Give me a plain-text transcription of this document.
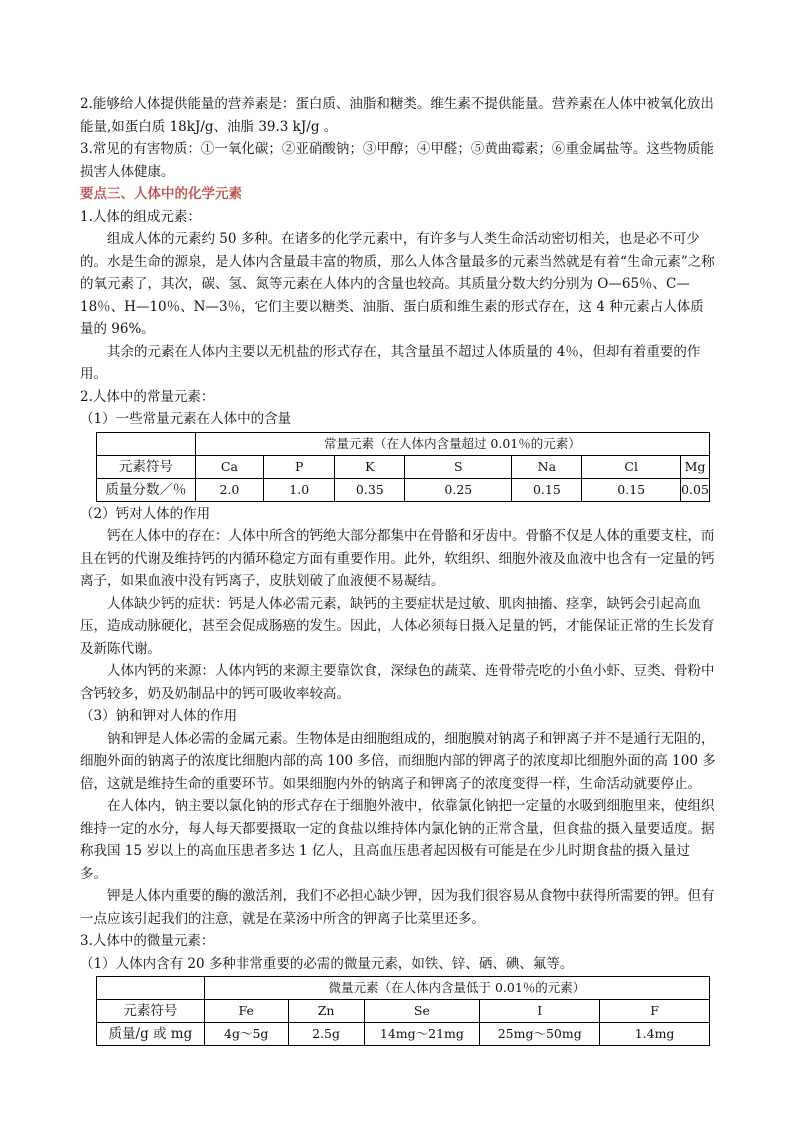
2.能够给人体提供能量的营养素是：蛋白质、油脂和糖类。维生素不提供能量。营养素在人体中被氧化放出能量,如蛋白质 18kJ/g、油脂 39.3 kJ/g 。

3.常见的有害物质：①一氧化碳；②亚硝酸钠；③甲醇；④甲醛；⑤黄曲霉素；⑥重金属盐等。这些物质能损害人体健康。

要点三、人体中的化学元素

1.人体的组成元素：

组成人体的元素约 50 多种。在诸多的化学元素中，有许多与人类生命活动密切相关，也是必不可少的。水是生命的源泉，是人体内含量最丰富的物质，那么人体含量最多的元素当然就是有着“生命元素”之称的氧元素了，其次，碳、氢、氮等元素在人体内的含量也较高。其质量分数大约分别为 O—65％、C—18％、H—10％、N—3％，它们主要以糖类、油脂、蛋白质和维生素的形式存在，这 4 种元素占人体质量的 96%。

其余的元素在人体内主要以无机盐的形式存在，其含量虽不超过人体质量的 4％，但却有着重要的作用。

2.人体中的常量元素：

（1）一些常量元素在人体中的含量

	常量元素（在人体内含量超过 0.01％的元素）						
元素符号	Ca	P	K	S	Na	Cl	Mg
质量分数／％	2.0	1.0	0.35	0.25	0.15	0.15	0.05

（2）钙对人体的作用

钙在人体中的存在：人体中所含的钙绝大部分都集中在骨骼和牙齿中。骨骼不仅是人体的重要支柱，而且在钙的代谢及维持钙的内循环稳定方面有重要作用。此外，软组织、细胞外液及血液中也含有一定量的钙离子，如果血液中没有钙离子，皮肤划破了血液便不易凝结。

人体缺少钙的症状：钙是人体必需元素，缺钙的主要症状是过敏、肌肉抽搐、痉挛，缺钙会引起高血压，造成动脉硬化，甚至会促成肠癌的发生。因此，人体必须每日摄入足量的钙，才能保证正常的生长发育及新陈代谢。

人体内钙的来源：人体内钙的来源主要靠饮食，深绿色的蔬菜、连骨带壳吃的小鱼小虾、豆类、骨粉中含钙较多，奶及奶制品中的钙可吸收率较高。

（3）钠和钾对人体的作用

钠和钾是人体必需的金属元素。生物体是由细胞组成的，细胞膜对钠离子和钾离子并不是通行无阻的，细胞外面的钠离子的浓度比细胞内部的高 100 多倍，而细胞内部的钾离子的浓度却比细胞外面的高 100 多倍，这就是维持生命的重要环节。如果细胞内外的钠离子和钾离子的浓度变得一样，生命活动就要停止。

在人体内，钠主要以氯化钠的形式存在于细胞外液中，依靠氯化钠把一定量的水吸到细胞里来，使组织维持一定的水分，每人每天都要摄取一定的食盐以维持体内氯化钠的正常含量，但食盐的摄入量要适度。据称我国 15 岁以上的高血压患者多达 1 亿人，且高血压患者起因极有可能是在少儿时期食盐的摄入量过多。

钾是人体内重要的酶的激活剂，我们不必担心缺少钾，因为我们很容易从食物中获得所需要的钾。但有一点应该引起我们的注意，就是在菜汤中所含的钾离子比菜里还多。

3.人体中的微量元素：

（1）人体内含有 20 多种非常重要的必需的微量元素，如铁、锌、硒、碘、氟等。

	微量元素（在人体内含量低于 0.01％的元素）				
元素符号	Fe	Zn	Se	I	F
质量/g 或 mg	4g～5g	2.5g	14mg～21mg	25mg～50mg	1.4mg
